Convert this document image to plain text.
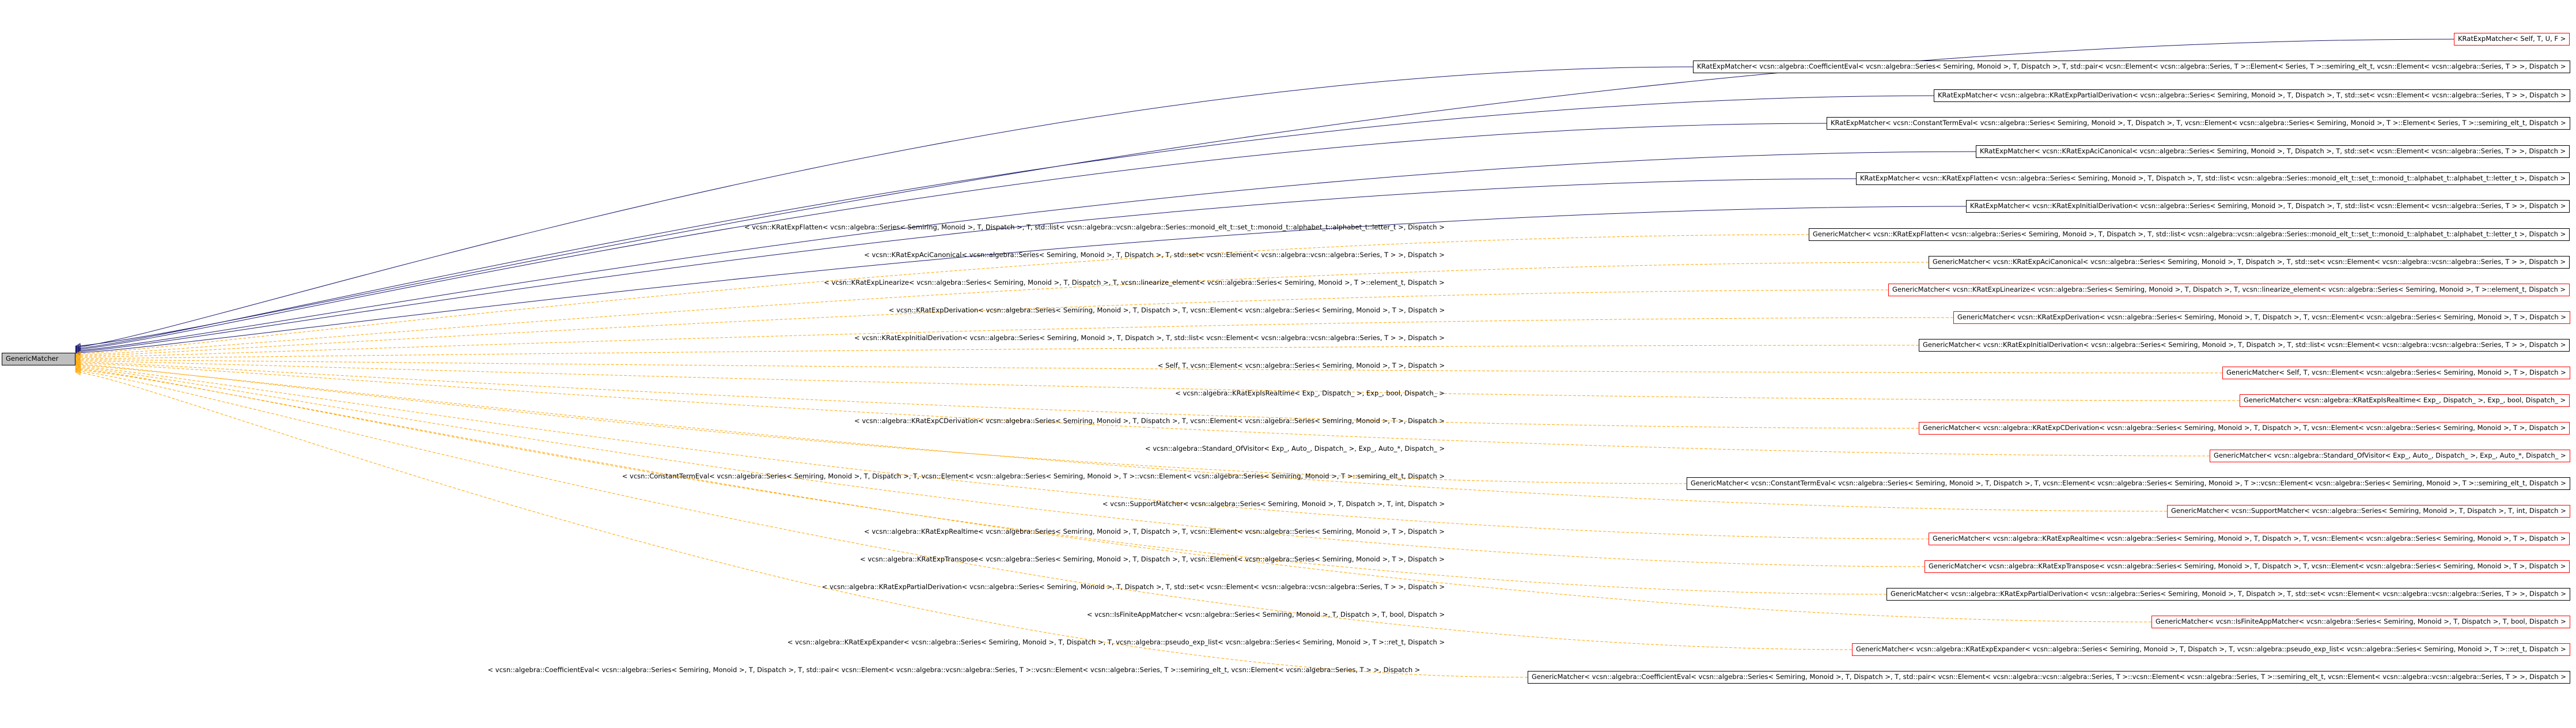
GenericMatcher
KRatExpMatcher< Self, T, U, F >
KRatExpMatcher< vcsn::algebra::CoefficientEval< vcsn::algebra::Series< Semiring, Monoid >, T, Dispatch >, T, std::pair< vcsn::Element< vcsn::algebra::Series, T >::Element< Series, T >::semiring_elt_t, vcsn::Element< vcsn::algebra::Series, T > >, Dispatch >
KRatExpMatcher< vcsn::algebra::KRatExpPartialDerivation< vcsn::algebra::Series< Semiring, Monoid >, T, Dispatch >, T, std::set< vcsn::Element< vcsn::algebra::Series, T > >, Dispatch >
KRatExpMatcher< vcsn::ConstantTermEval< vcsn::algebra::Series< Semiring, Monoid >, T, Dispatch >, T, vcsn::Element< vcsn::algebra::Series< Semiring, Monoid >, T >::Element< Series, T >::semiring_elt_t, Dispatch >
KRatExpMatcher< vcsn::KRatExpAciCanonical< vcsn::algebra::Series< Semiring, Monoid >, T, Dispatch >, T, std::set< vcsn::Element< vcsn::algebra::Series, T > >, Dispatch >
KRatExpMatcher< vcsn::KRatExpFlatten< vcsn::algebra::Series< Semiring, Monoid >, T, Dispatch >, T, std::list< vcsn::algebra::Series::monoid_elt_t::set_t::monoid_t::alphabet_t::alphabet_t::letter_t >, Dispatch >
KRatExpMatcher< vcsn::KRatExpInitialDerivation< vcsn::algebra::Series< Semiring, Monoid >, T, Dispatch >, T, std::list< vcsn::Element< vcsn::algebra::Series, T > >, Dispatch >
GenericMatcher< vcsn::KRatExpFlatten< vcsn::algebra::Series< Semiring, Monoid >, T, Dispatch >, T, std::list< vcsn::algebra::vcsn::algebra::Series::monoid_elt_t::set_t::monoid_t::alphabet_t::alphabet_t::letter_t >, Dispatch >
GenericMatcher< vcsn::KRatExpAciCanonical< vcsn::algebra::Series< Semiring, Monoid >, T, Dispatch >, T, std::set< vcsn::Element< vcsn::algebra::vcsn::algebra::Series, T > >, Dispatch >
GenericMatcher< vcsn::KRatExpLinearize< vcsn::algebra::Series< Semiring, Monoid >, T, Dispatch >, T, vcsn::linearize_element< vcsn::algebra::Series< Semiring, Monoid >, T >::element_t, Dispatch >
GenericMatcher< vcsn::KRatExpDerivation< vcsn::algebra::Series< Semiring, Monoid >, T, Dispatch >, T, vcsn::Element< vcsn::algebra::Series< Semiring, Monoid >, T >, Dispatch >
GenericMatcher< vcsn::KRatExpInitialDerivation< vcsn::algebra::Series< Semiring, Monoid >, T, Dispatch >, T, std::list< vcsn::Element< vcsn::algebra::vcsn::algebra::Series, T > >, Dispatch >
GenericMatcher< Self, T, vcsn::Element< vcsn::algebra::Series< Semiring, Monoid >, T >, Dispatch >
GenericMatcher< vcsn::algebra::KRatExpIsRealtime< Exp_, Dispatch_ >, Exp_, bool, Dispatch_ >
GenericMatcher< vcsn::algebra::KRatExpCDerivation< vcsn::algebra::Series< Semiring, Monoid >, T, Dispatch >, T, vcsn::Element< vcsn::algebra::Series< Semiring, Monoid >, T >, Dispatch >
GenericMatcher< vcsn::algebra::Standard_OfVisitor< Exp_, Auto_, Dispatch_ >, Exp_, Auto_*, Dispatch_ >
GenericMatcher< vcsn::ConstantTermEval< vcsn::algebra::Series< Semiring, Monoid >, T, Dispatch >, T, vcsn::Element< vcsn::algebra::Series< Semiring, Monoid >, T >::vcsn::Element< vcsn::algebra::Series< Semiring, Monoid >, T >::semiring_elt_t, Dispatch >
GenericMatcher< vcsn::SupportMatcher< vcsn::algebra::Series< Semiring, Monoid >, T, Dispatch >, T, int, Dispatch >
GenericMatcher< vcsn::algebra::KRatExpRealtime< vcsn::algebra::Series< Semiring, Monoid >, T, Dispatch >, T, vcsn::Element< vcsn::algebra::Series< Semiring, Monoid >, T >, Dispatch >
GenericMatcher< vcsn::algebra::KRatExpTranspose< vcsn::algebra::Series< Semiring, Monoid >, T, Dispatch >, T, vcsn::Element< vcsn::algebra::Series< Semiring, Monoid >, T >, Dispatch >
GenericMatcher< vcsn::algebra::KRatExpPartialDerivation< vcsn::algebra::Series< Semiring, Monoid >, T, Dispatch >, T, std::set< vcsn::Element< vcsn::algebra::vcsn::algebra::Series, T > >, Dispatch >
GenericMatcher< vcsn::IsFiniteAppMatcher< vcsn::algebra::Series< Semiring, Monoid >, T, Dispatch >, T, bool, Dispatch >
GenericMatcher< vcsn::algebra::KRatExpExpander< vcsn::algebra::Series< Semiring, Monoid >, T, Dispatch >, T, vcsn::algebra::pseudo_exp_list< vcsn::algebra::Series< Semiring, Monoid >, T >::ret_t, Dispatch >
GenericMatcher< vcsn::algebra::CoefficientEval< vcsn::algebra::Series< Semiring, Monoid >, T, Dispatch >, T, std::pair< vcsn::Element< vcsn::algebra::vcsn::algebra::Series, T >::vcsn::Element< vcsn::algebra::Series, T >::semiring_elt_t, vcsn::Element< vcsn::algebra::vcsn::algebra::Series, T > >, Dispatch >
< vcsn::KRatExpFlatten< vcsn::algebra::Series< Semiring, Monoid >, T, Dispatch >, T, std::list< vcsn::algebra::vcsn::algebra::Series::monoid_elt_t::set_t::monoid_t::alphabet_t::alphabet_t::letter_t >, Dispatch >
< vcsn::KRatExpAciCanonical< vcsn::algebra::Series< Semiring, Monoid >, T, Dispatch >, T, std::set< vcsn::Element< vcsn::algebra::vcsn::algebra::Series, T > >, Dispatch >
< vcsn::KRatExpLinearize< vcsn::algebra::Series< Semiring, Monoid >, T, Dispatch >, T, vcsn::linearize_element< vcsn::algebra::Series< Semiring, Monoid >, T >::element_t, Dispatch >
< vcsn::KRatExpDerivation< vcsn::algebra::Series< Semiring, Monoid >, T, Dispatch >, T, vcsn::Element< vcsn::algebra::Series< Semiring, Monoid >, T >, Dispatch >
< vcsn::KRatExpInitialDerivation< vcsn::algebra::Series< Semiring, Monoid >, T, Dispatch >, T, std::list< vcsn::Element< vcsn::algebra::vcsn::algebra::Series, T > >, Dispatch >
< Self, T, vcsn::Element< vcsn::algebra::Series< Semiring, Monoid >, T >, Dispatch >
< vcsn::algebra::KRatExpIsRealtime< Exp_, Dispatch_ >, Exp_, bool, Dispatch_ >
< vcsn::algebra::KRatExpCDerivation< vcsn::algebra::Series< Semiring, Monoid >, T, Dispatch >, T, vcsn::Element< vcsn::algebra::Series< Semiring, Monoid >, T >, Dispatch >
< vcsn::algebra::Standard_OfVisitor< Exp_, Auto_, Dispatch_ >, Exp_, Auto_*, Dispatch_ >
< vcsn::ConstantTermEval< vcsn::algebra::Series< Semiring, Monoid >, T, Dispatch >, T, vcsn::Element< vcsn::algebra::Series< Semiring, Monoid >, T >::vcsn::Element< vcsn::algebra::Series< Semiring, Monoid >, T >::semiring_elt_t, Dispatch >
< vcsn::SupportMatcher< vcsn::algebra::Series< Semiring, Monoid >, T, Dispatch >, T, int, Dispatch >
< vcsn::algebra::KRatExpRealtime< vcsn::algebra::Series< Semiring, Monoid >, T, Dispatch >, T, vcsn::Element< vcsn::algebra::Series< Semiring, Monoid >, T >, Dispatch >
< vcsn::algebra::KRatExpTranspose< vcsn::algebra::Series< Semiring, Monoid >, T, Dispatch >, T, vcsn::Element< vcsn::algebra::Series< Semiring, Monoid >, T >, Dispatch >
< vcsn::algebra::KRatExpPartialDerivation< vcsn::algebra::Series< Semiring, Monoid >, T, Dispatch >, T, std::set< vcsn::Element< vcsn::algebra::vcsn::algebra::Series, T > >, Dispatch >
< vcsn::IsFiniteAppMatcher< vcsn::algebra::Series< Semiring, Monoid >, T, Dispatch >, T, bool, Dispatch >
< vcsn::algebra::KRatExpExpander< vcsn::algebra::Series< Semiring, Monoid >, T, Dispatch >, T, vcsn::algebra::pseudo_exp_list< vcsn::algebra::Series< Semiring, Monoid >, T >::ret_t, Dispatch >
< vcsn::algebra::CoefficientEval< vcsn::algebra::Series< Semiring, Monoid >, T, Dispatch >, T, std::pair< vcsn::Element< vcsn::algebra::vcsn::algebra::Series, T >::vcsn::Element< vcsn::algebra::Series, T >::semiring_elt_t, vcsn::Element< vcsn::algebra::Series, T > >, Dispatch >
